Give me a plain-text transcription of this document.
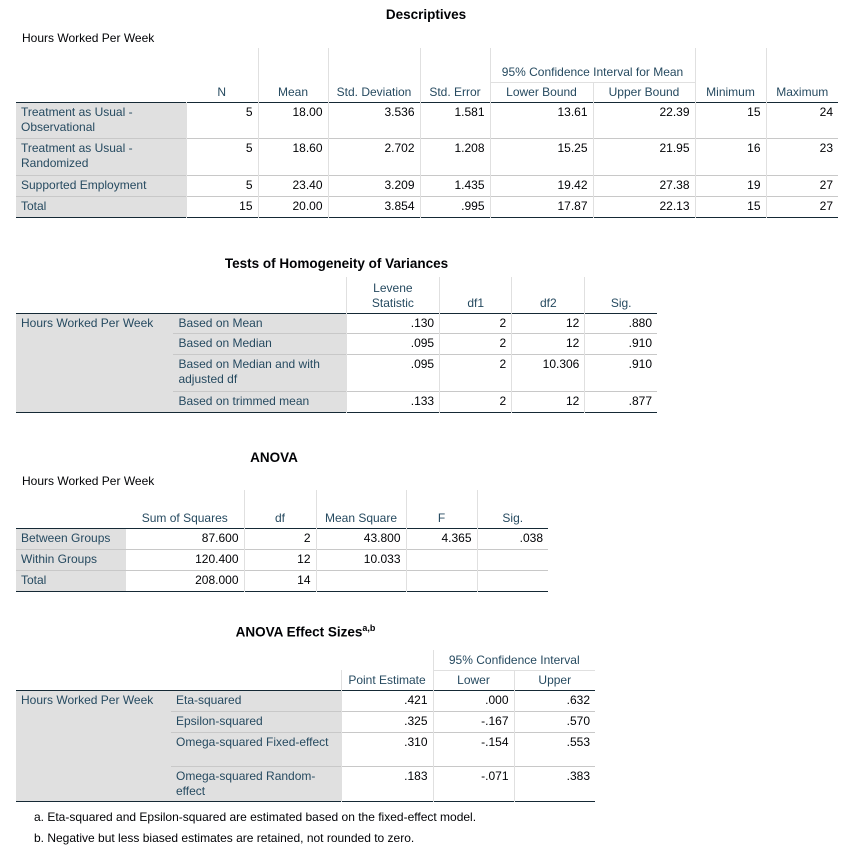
Descriptives
Hours Worked Per Week
	N	Mean	Std. Deviation	Std. Error	95% Confidence Interval for Mean		Minimum	Maximum
					Lower Bound	Upper Bound		
Treatment as Usual - Observational	5	18.00	3.536	1.581	13.61	22.39	15	24
Treatment as Usual - Randomized	5	18.60	2.702	1.208	15.25	21.95	16	23
Supported Employment	5	23.40	3.209	1.435	19.42	27.38	19	27
Total	15	20.00	3.854	.995	17.87	22.13	15	27
Tests of Homogeneity of Variances
		Levene Statistic	df1	df2	Sig.
Hours Worked Per Week	Based on Mean	.130	2	12	.880
	Based on Median	.095	2	12	.910
	Based on Median and with adjusted df	.095	2	10.306	.910
	Based on trimmed mean	.133	2	12	.877
ANOVA
Hours Worked Per Week
	Sum of Squares	df	Mean Square	F	Sig.
Between Groups	87.600	2	43.800	4.365	.038
Within Groups	120.400	12	10.033		
Total	208.000	14			
ANOVA Effect Sizes$^{a,b}$
			95% Confidence Interval	
		Point Estimate	Lower	Upper
Hours Worked Per Week	Eta-squared	.421	.000	.632
	Epsilon-squared	.325	-.167	.570
	Omega-squared Fixed-effect	.310	-.154	.553
	Omega-squared Random-effect	.183	-.071	.383
a. Eta-squared and Epsilon-squared are estimated based on the fixed-effect model.
b. Negative but less biased estimates are retained, not rounded to zero.
